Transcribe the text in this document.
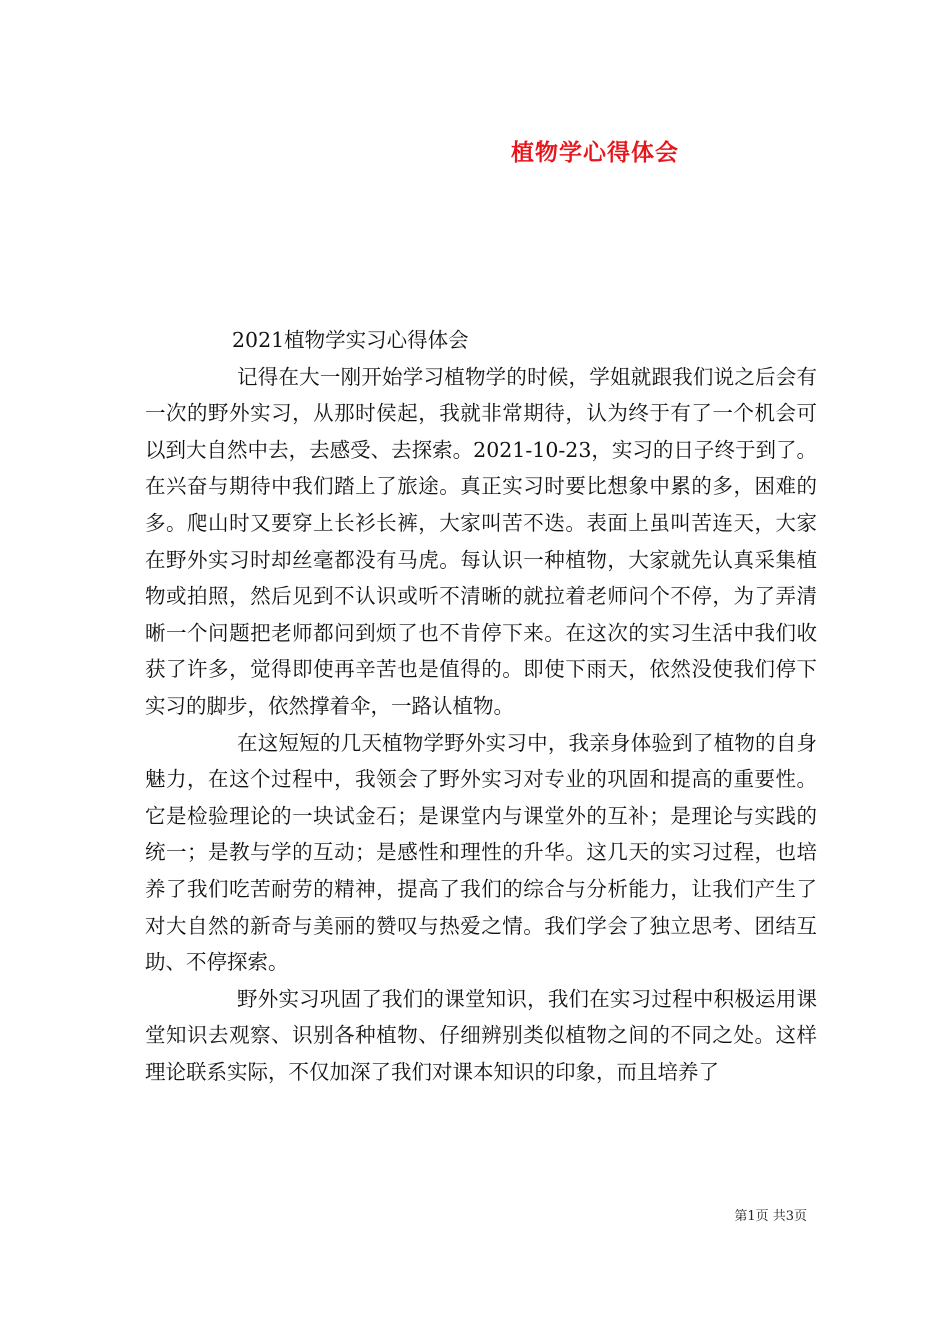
植物学心得体会

2021植物学实习心得体会

记得在大一刚开始学习植物学的时候，学姐就跟我们说之后会有一次的野外实习，从那时侯起，我就非常期待，认为终于有了一个机会可以到大自然中去，去感受、去探索。2021-10-23，实习的日子终于到了。在兴奋与期待中我们踏上了旅途。真正实习时要比想象中累的多，困难的多。爬山时又要穿上长衫长裤，大家叫苦不迭。表面上虽叫苦连天，大家在野外实习时却丝毫都没有马虎。每认识一种植物，大家就先认真采集植物或拍照，然后见到不认识或听不清晰的就拉着老师问个不停，为了弄清晰一个问题把老师都问到烦了也不肯停下来。在这次的实习生活中我们收获了许多，觉得即使再辛苦也是值得的。即使下雨天，依然没使我们停下实习的脚步，依然撑着伞，一路认植物。

在这短短的几天植物学野外实习中，我亲身体验到了植物的自身魅力，在这个过程中，我领会了野外实习对专业的巩固和提高的重要性。它是检验理论的一块试金石；是课堂内与课堂外的互补；是理论与实践的统一；是教与学的互动；是感性和理性的升华。这几天的实习过程，也培养了我们吃苦耐劳的精神，提高了我们的综合与分析能力，让我们产生了对大自然的新奇与美丽的赞叹与热爱之情。我们学会了独立思考、团结互助、不停探索。

野外实习巩固了我们的课堂知识，我们在实习过程中积极运用课堂知识去观察、识别各种植物、仔细辨别类似植物之间的不同之处。这样理论联系实际，不仅加深了我们对课本知识的印象，而且培养了

第1页 共3页
